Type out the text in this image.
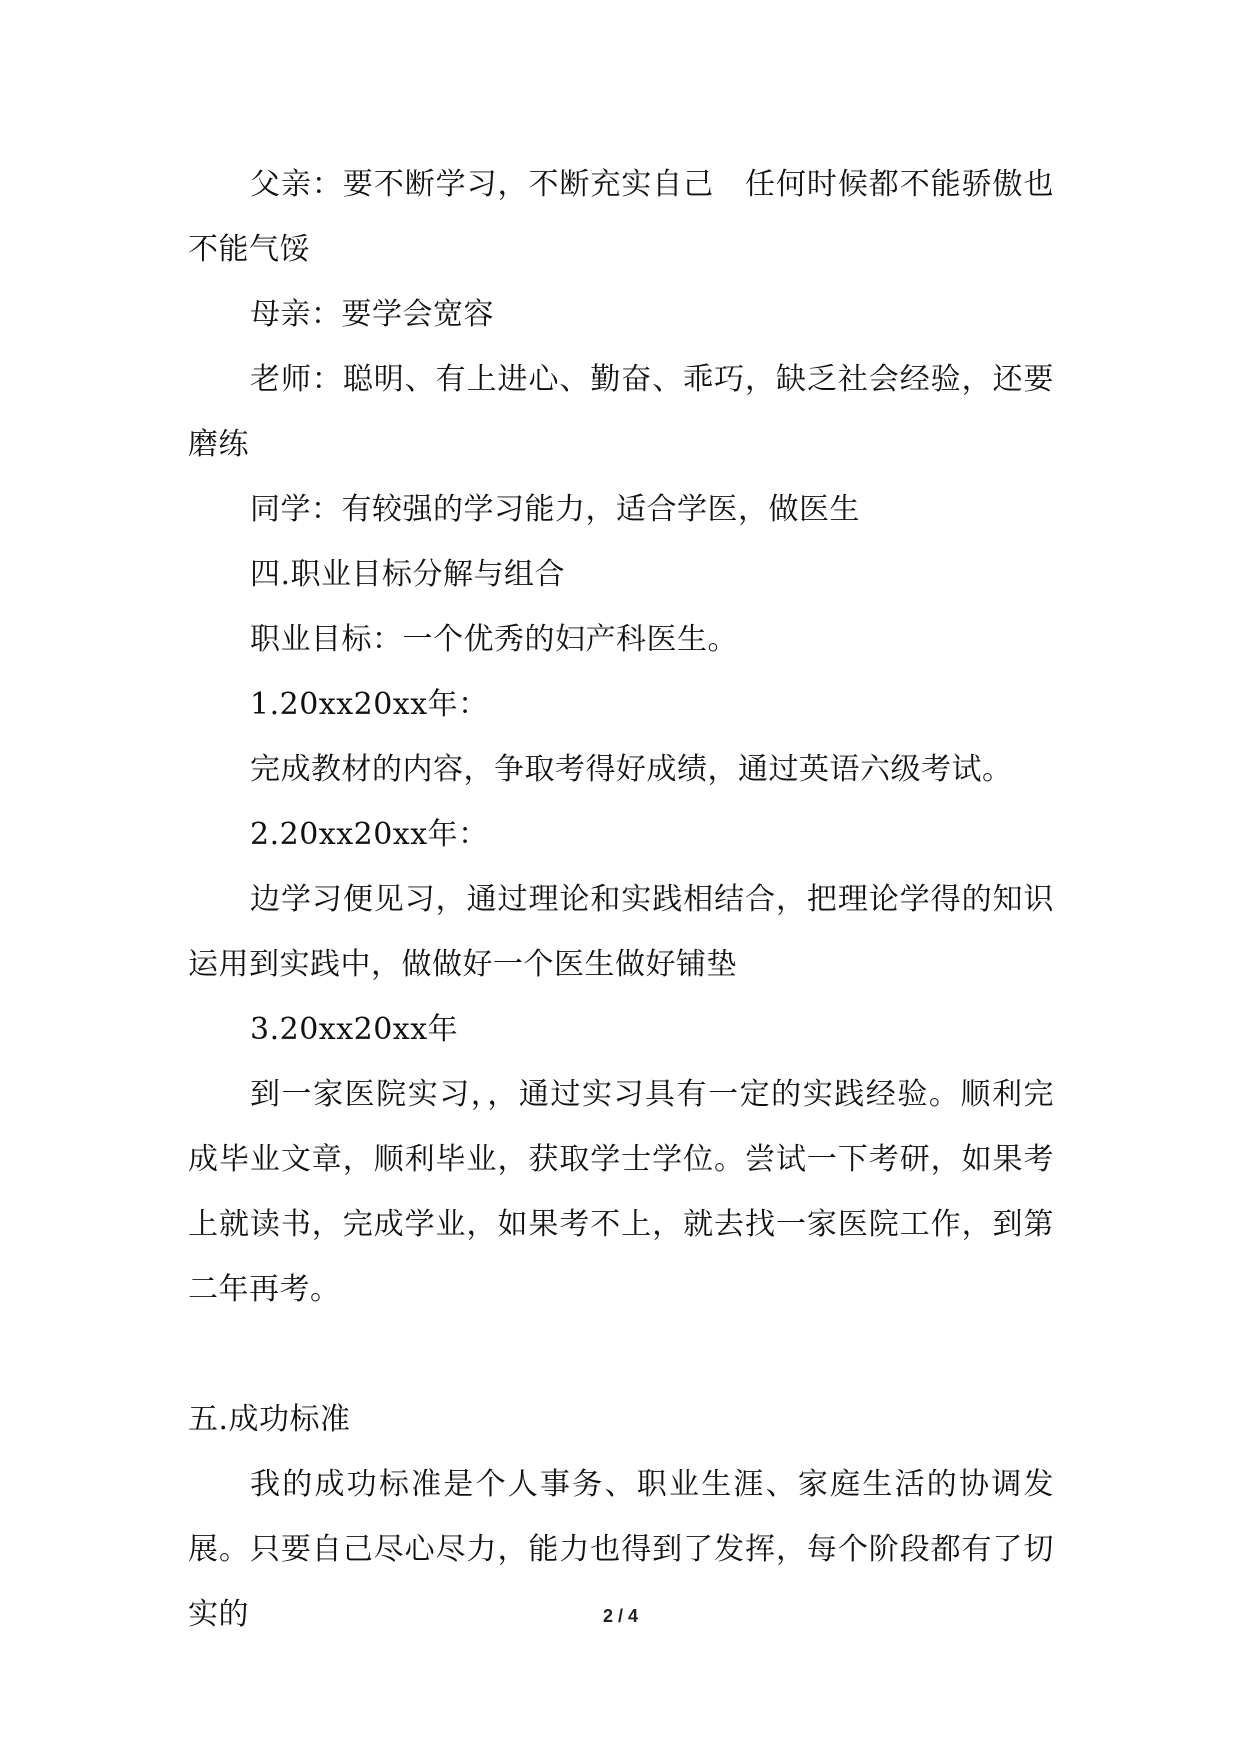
父亲：要不断学习，不断充实自己　任何时候都不能骄傲也不能气馁

母亲：要学会宽容

老师：聪明、有上进心、勤奋、乖巧，缺乏社会经验，还要磨练

同学：有较强的学习能力，适合学医，做医生

四.职业目标分解与组合

职业目标：一个优秀的妇产科医生。

1.20xx20xx年：

完成教材的内容，争取考得好成绩，通过英语六级考试。

2.20xx20xx年：

边学习便见习，通过理论和实践相结合，把理论学得的知识运用到实践中，做做好一个医生做好铺垫

3.20xx20xx年

到一家医院实习，，通过实习具有一定的实践经验。顺利完成毕业文章，顺利毕业，获取学士学位。尝试一下考研，如果考上就读书，完成学业，如果考不上，就去找一家医院工作，到第二年再考。

五.成功标准

我的成功标准是个人事务、职业生涯、家庭生活的协调发展。只要自己尽心尽力，能力也得到了发挥，每个阶段都有了切实的	2 / 4
